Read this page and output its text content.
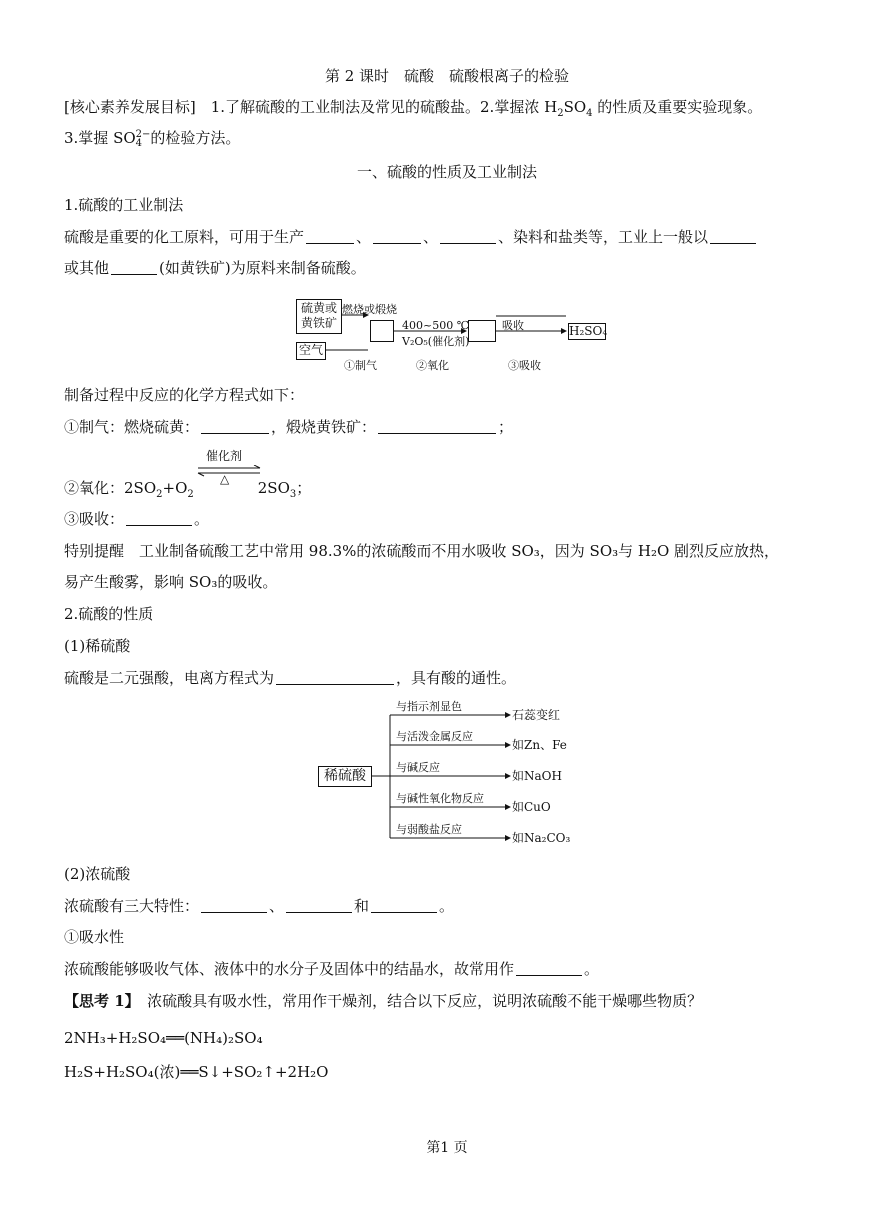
第 2 课时　硫酸　硫酸根离子的检验
[核心素养发展目标]　1.了解硫酸的工业制法及常见的硫酸盐。2.掌握浓 $H_2SO_4$ 的性质及重要实验现象。
3.掌握 SO2−
4 的检验方法。
一、硫酸的性质及工业制法
1.硫酸的工业制法
硫酸是重要的化工原料，可用于生产	、	、	、染料和盐类等，工业上一般以
或其他	(如黄铁矿)为原料来制备硫酸。
硫黄或
黄铁矿
空气
H₂SO₄
燃烧或煅烧
400~500 ℃
V₂O₅(催化剂)
吸收
①制气	②氧化	③吸收
制备过程中反应的化学方程式如下：
①制气：燃烧硫黄：	，煅烧黄铁矿：	；
催化剂
△
②氧化：$2SO_2+O_2$	$2SO_3$；
③吸收：	。
特别提醒　工业制备硫酸工艺中常用 98.3%的浓硫酸而不用水吸收 SO₃，因为 SO₃与 H₂O 剧烈反应放热，
易产生酸雾，影响 SO₃的吸收。
2.硫酸的性质
(1)稀硫酸
硫酸是二元强酸，电离方程式为	，具有酸的通性。
稀硫酸
与指示剂显色
石蕊变红
与活泼金属反应
如Zn、Fe
与碱反应
如NaOH
与碱性氧化物反应
如CuO
与弱酸盐反应
如Na₂CO₃
(2)浓硫酸
浓硫酸有三大特性：	、	和	。
①吸水性
浓硫酸能够吸收气体、液体中的水分子及固体中的结晶水，故常用作	。
【思考 1】　浓硫酸具有吸水性，常用作干燥剂，结合以下反应，说明浓硫酸不能干燥哪些物质？
2NH₃+H₂SO₄══(NH₄)₂SO₄
H₂S+H₂SO₄(浓)══S↓+SO₂↑+2H₂O
第1 页
